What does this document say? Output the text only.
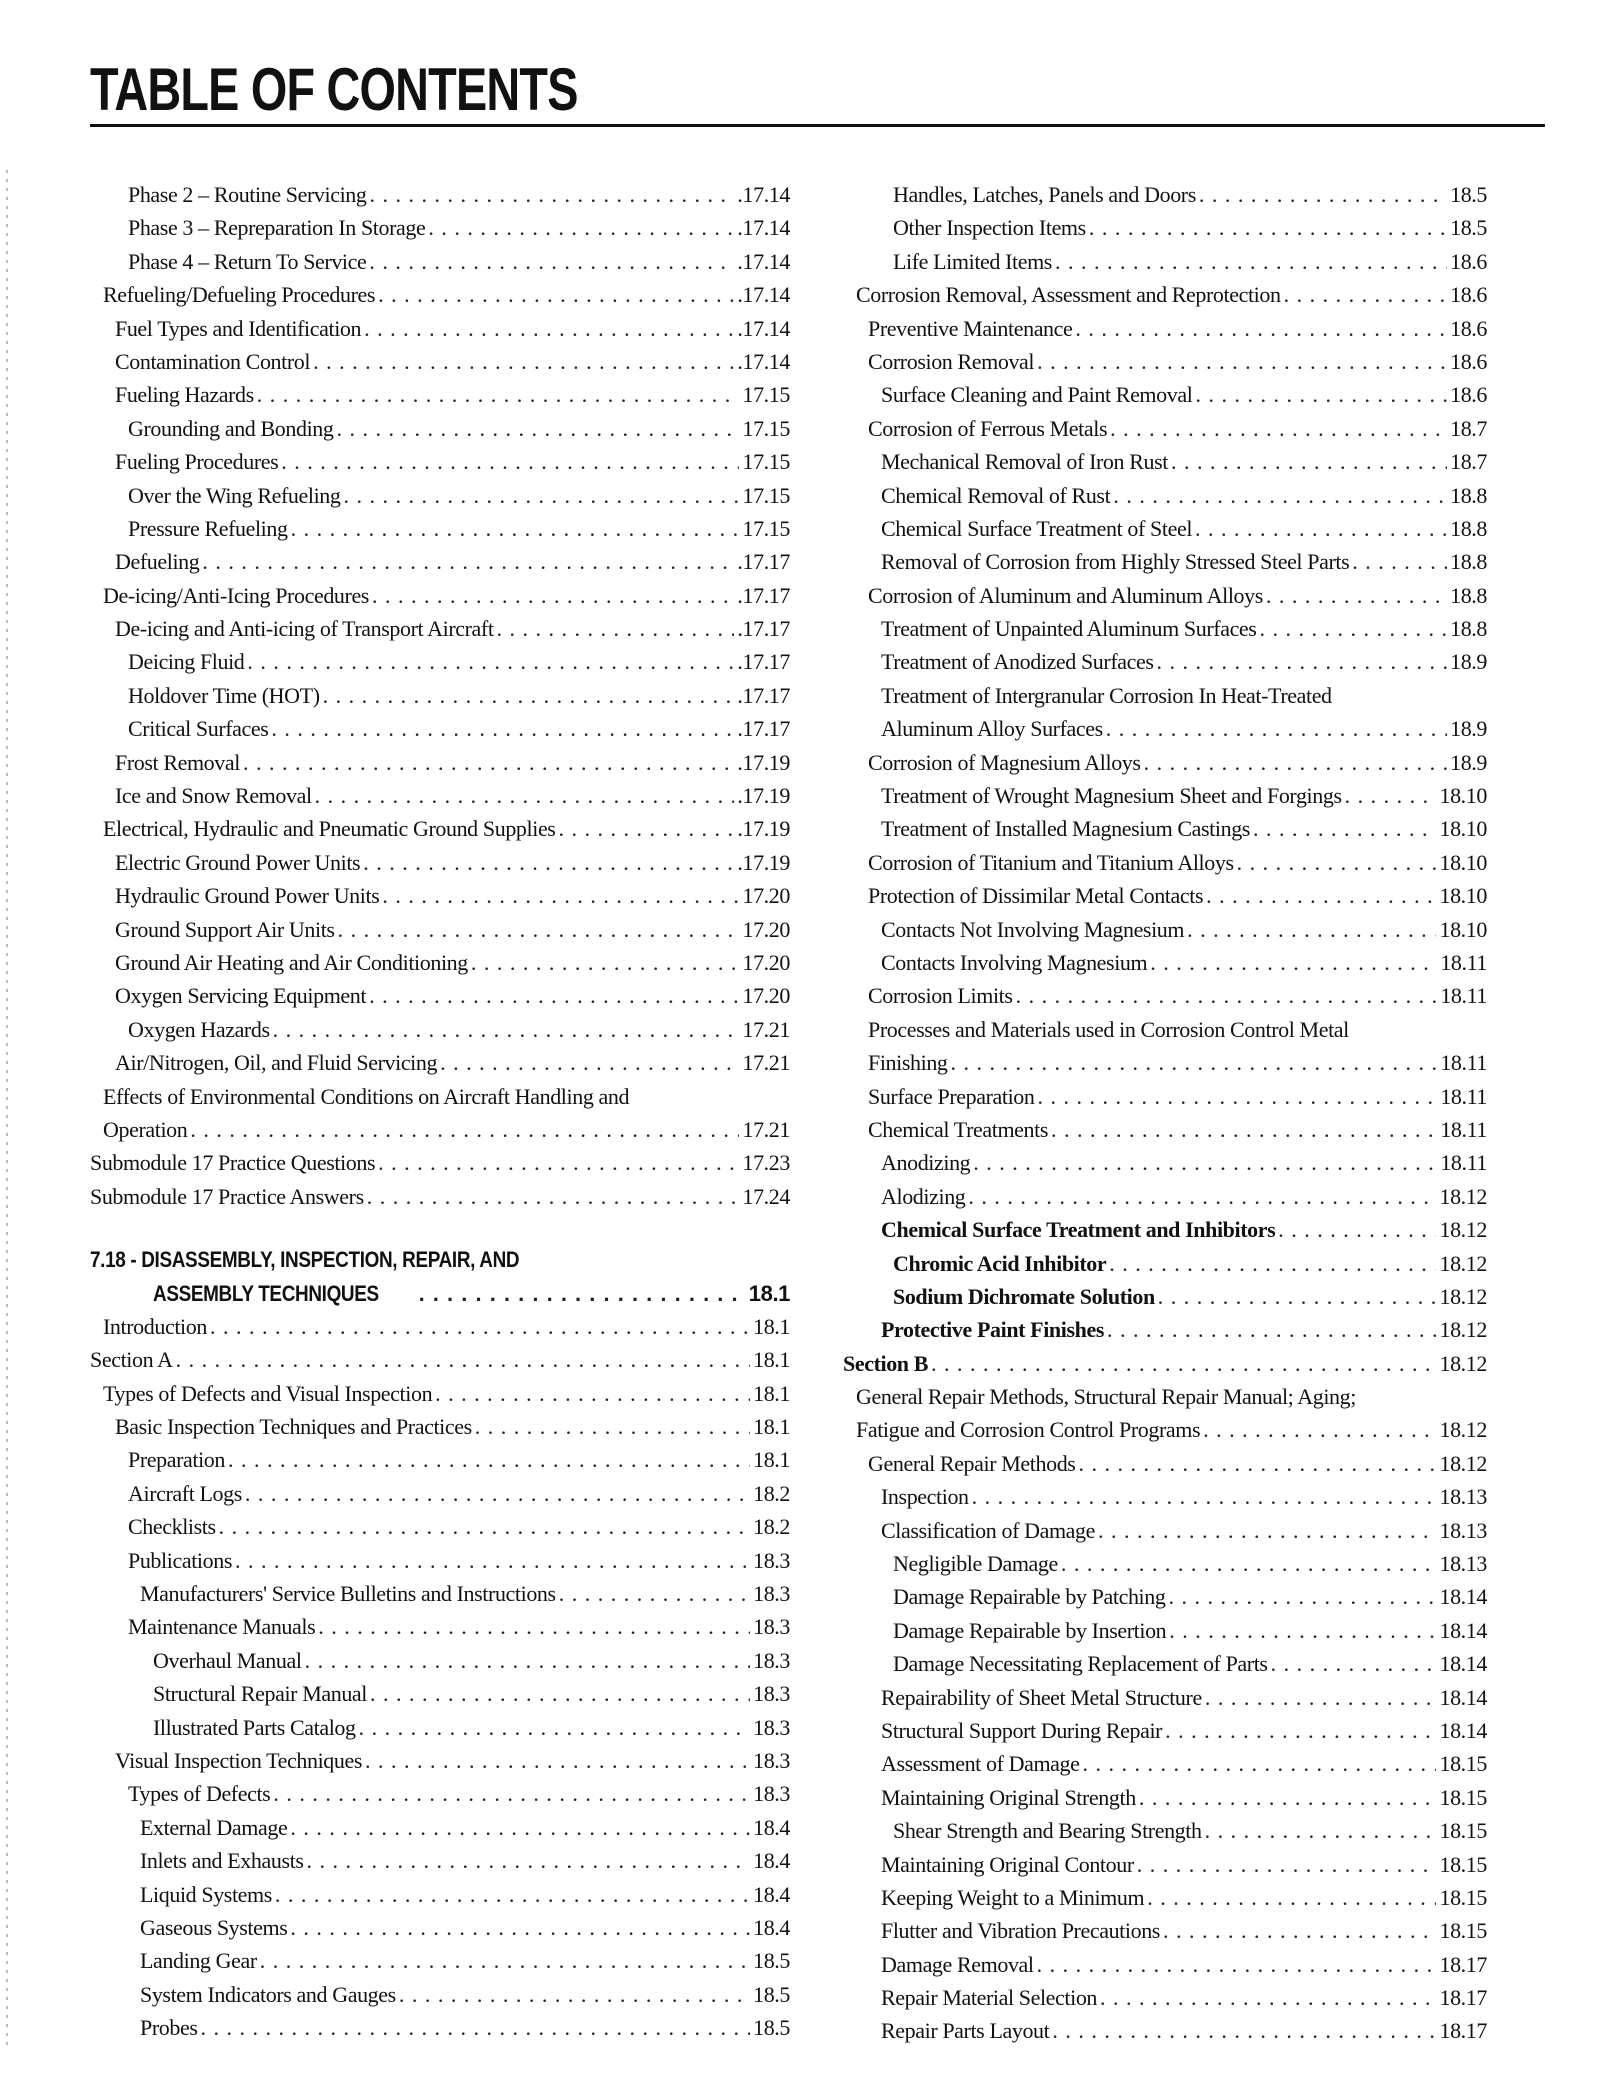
TABLE OF CONTENTS
Phase 2 – Routine Servicing . . .	.17.14
Phase 3 – Repreparation In Storage . . .	.17.14
Phase 4 – Return To Service . . .	.17.14
Refueling/Defueling Procedures . . .	.17.14
Fuel Types and Identification . . .	.17.14
Contamination Control . . .	.17.14
Fueling Hazards . . .	17.15
Grounding and Bonding . . .	17.15
Fueling Procedures . . .	17.15
Over the Wing Refueling . . .	17.15
Pressure Refueling . . .	17.15
Defueling . . .	.17.17
De-icing/Anti-Icing Procedures . . .	.17.17
De-icing and Anti-icing of Transport Aircraft . . .	.17.17
Deicing Fluid . . .	.17.17
Holdover Time (HOT) . . .	.17.17
Critical Surfaces . . .	.17.17
Frost Removal . . .	.17.19
Ice and Snow Removal . . .	.17.19
Electrical, Hydraulic and Pneumatic Ground Supplies . . .	.17.19
Electric Ground Power Units . . .	.17.19
Hydraulic Ground Power Units . . .	17.20
Ground Support Air Units . . .	17.20
Ground Air Heating and Air Conditioning . . .	17.20
Oxygen Servicing Equipment . . .	17.20
Oxygen Hazards . . .	17.21
Air/Nitrogen, Oil, and Fluid Servicing . . .	17.21
Effects of Environmental Conditions on Aircraft Handling and
Operation . . .	17.21
Submodule 17 Practice Questions . . .	17.23
Submodule 17 Practice Answers . . .	17.24
7.18 - DISASSEMBLY, INSPECTION, REPAIR, AND
ASSEMBLY TECHNIQUES . . .	18.1
Introduction . . .	18.1
Section A . . .	18.1
Types of Defects and Visual Inspection . . .	18.1
Basic Inspection Techniques and Practices . . .	18.1
Preparation . . .	18.1
Aircraft Logs . . .	18.2
Checklists . . .	18.2
Publications . . .	18.3
Manufacturers' Service Bulletins and Instructions . . .	18.3
Maintenance Manuals . . .	18.3
Overhaul Manual . . .	18.3
Structural Repair Manual . . .	18.3
Illustrated Parts Catalog . . .	18.3
Visual Inspection Techniques . . .	18.3
Types of Defects . . .	18.3
External Damage . . .	18.4
Inlets and Exhausts . . .	18.4
Liquid Systems . . .	18.4
Gaseous Systems . . .	18.4
Landing Gear . . .	18.5
System Indicators and Gauges . . .	18.5
Probes . . .	18.5
Handles, Latches, Panels and Doors . . .	18.5
Other Inspection Items . . .	18.5
Life Limited Items . . .	18.6
Corrosion Removal, Assessment and Reprotection . . .	18.6
Preventive Maintenance . . .	18.6
Corrosion Removal . . .	18.6
Surface Cleaning and Paint Removal . . .	18.6
Corrosion of Ferrous Metals . . .	18.7
Mechanical Removal of Iron Rust . . .	18.7
Chemical Removal of Rust . . .	18.8
Chemical Surface Treatment of Steel . . .	18.8
Removal of Corrosion from Highly Stressed Steel Parts . . .	18.8
Corrosion of Aluminum and Aluminum Alloys . . .	18.8
Treatment of Unpainted Aluminum Surfaces . . .	18.8
Treatment of Anodized Surfaces . . .	18.9
Treatment of Intergranular Corrosion In Heat-Treated
Aluminum Alloy Surfaces . . .	18.9
Corrosion of Magnesium Alloys . . .	18.9
Treatment of Wrought Magnesium Sheet and Forgings . . .	18.10
Treatment of Installed Magnesium Castings . . .	18.10
Corrosion of Titanium and Titanium Alloys . . .	18.10
Protection of Dissimilar Metal Contacts . . .	18.10
Contacts Not Involving Magnesium . . .	18.10
Contacts Involving Magnesium . . .	18.11
Corrosion Limits . . .	18.11
Processes and Materials used in Corrosion Control Metal
Finishing . . .	18.11
Surface Preparation . . .	18.11
Chemical Treatments . . .	18.11
Anodizing . . .	18.11
Alodizing . . .	18.12
Chemical Surface Treatment and Inhibitors . . .	18.12
Chromic Acid Inhibitor . . .	18.12
Sodium Dichromate Solution . . .	18.12
Protective Paint Finishes . . .	18.12
Section B . . .	18.12
General Repair Methods, Structural Repair Manual; Aging;
Fatigue and Corrosion Control Programs . . .	18.12
General Repair Methods . . .	18.12
Inspection . . .	18.13
Classification of Damage . . .	18.13
Negligible Damage . . .	18.13
Damage Repairable by Patching . . .	18.14
Damage Repairable by Insertion . . .	18.14
Damage Necessitating Replacement of Parts . . .	18.14
Repairability of Sheet Metal Structure . . .	18.14
Structural Support During Repair . . .	18.14
Assessment of Damage . . .	18.15
Maintaining Original Strength . . .	18.15
Shear Strength and Bearing Strength . . .	18.15
Maintaining Original Contour . . .	18.15
Keeping Weight to a Minimum . . .	18.15
Flutter and Vibration Precautions . . .	18.15
Damage Removal . . .	18.17
Repair Material Selection . . .	18.17
Repair Parts Layout . . .	18.17
